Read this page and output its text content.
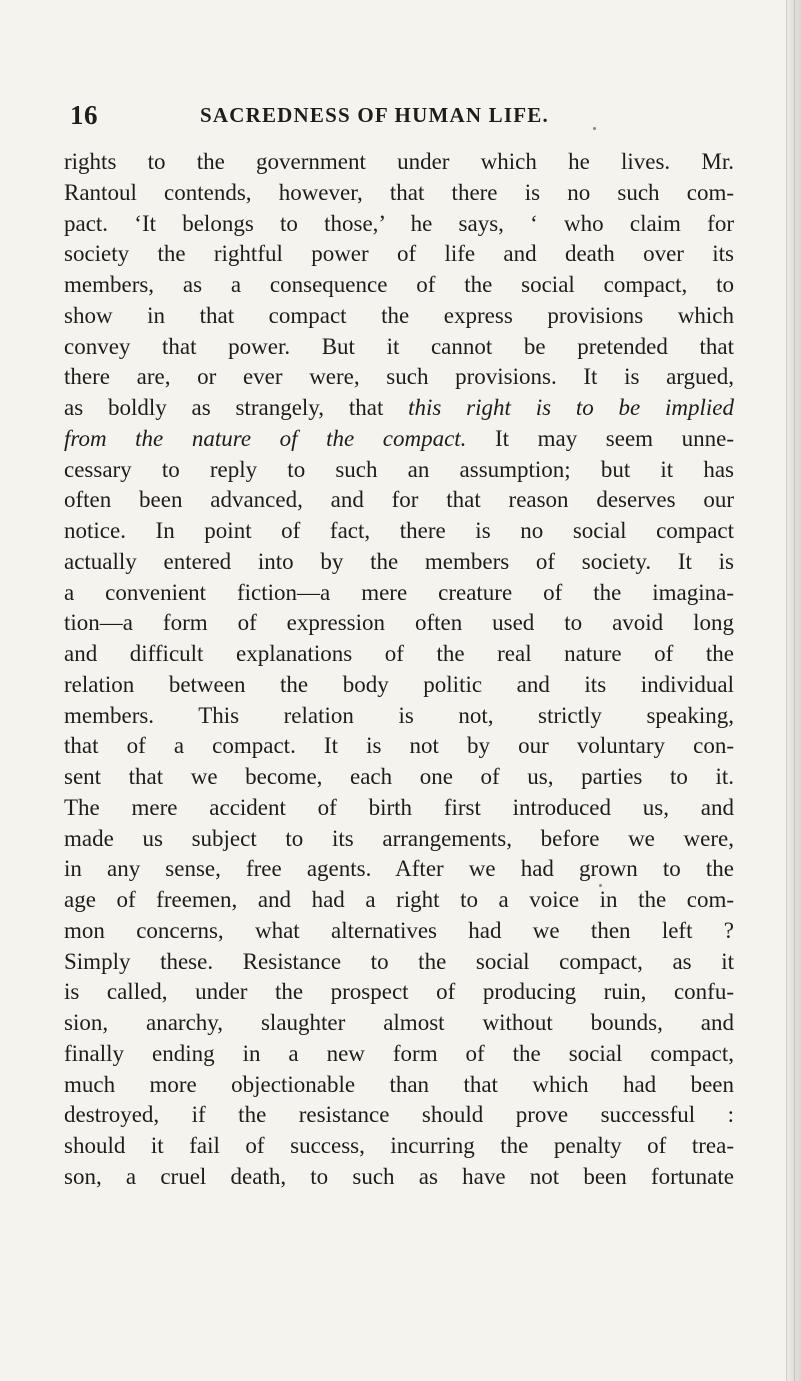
16	SACREDNESS OF HUMAN LIFE.
rights to the government under which he lives. Mr.
Rantoul contends, however, that there is no such com-
pact. ‘It belongs to those,’ he says, ‘ who claim for
society the rightful power of life and death over its
members, as a consequence of the social compact, to
show in that compact the express provisions which
convey that power. But it cannot be pretended that
there are, or ever were, such provisions. It is argued,
as boldly as strangely, that this right is to be implied
from the nature of the compact. It may seem unne-
cessary to reply to such an assumption; but it has
often been advanced, and for that reason deserves our
notice. In point of fact, there is no social compact
actually entered into by the members of society. It is
a convenient fiction—a mere creature of the imagina-
tion—a form of expression often used to avoid long
and difficult explanations of the real nature of the
relation between the body politic and its individual
members. This relation is not, strictly speaking,
that of a compact. It is not by our voluntary con-
sent that we become, each one of us, parties to it.
The mere accident of birth first introduced us, and
made us subject to its arrangements, before we were,
in any sense, free agents. After we had grown to the
age of freemen, and had a right to a voice in the com-
mon concerns, what alternatives had we then left ?
Simply these. Resistance to the social compact, as it
is called, under the prospect of producing ruin, confu-
sion, anarchy, slaughter almost without bounds, and
finally ending in a new form of the social compact,
much more objectionable than that which had been
destroyed, if the resistance should prove successful :
should it fail of success, incurring the penalty of trea-
son, a cruel death, to such as have not been fortunate
